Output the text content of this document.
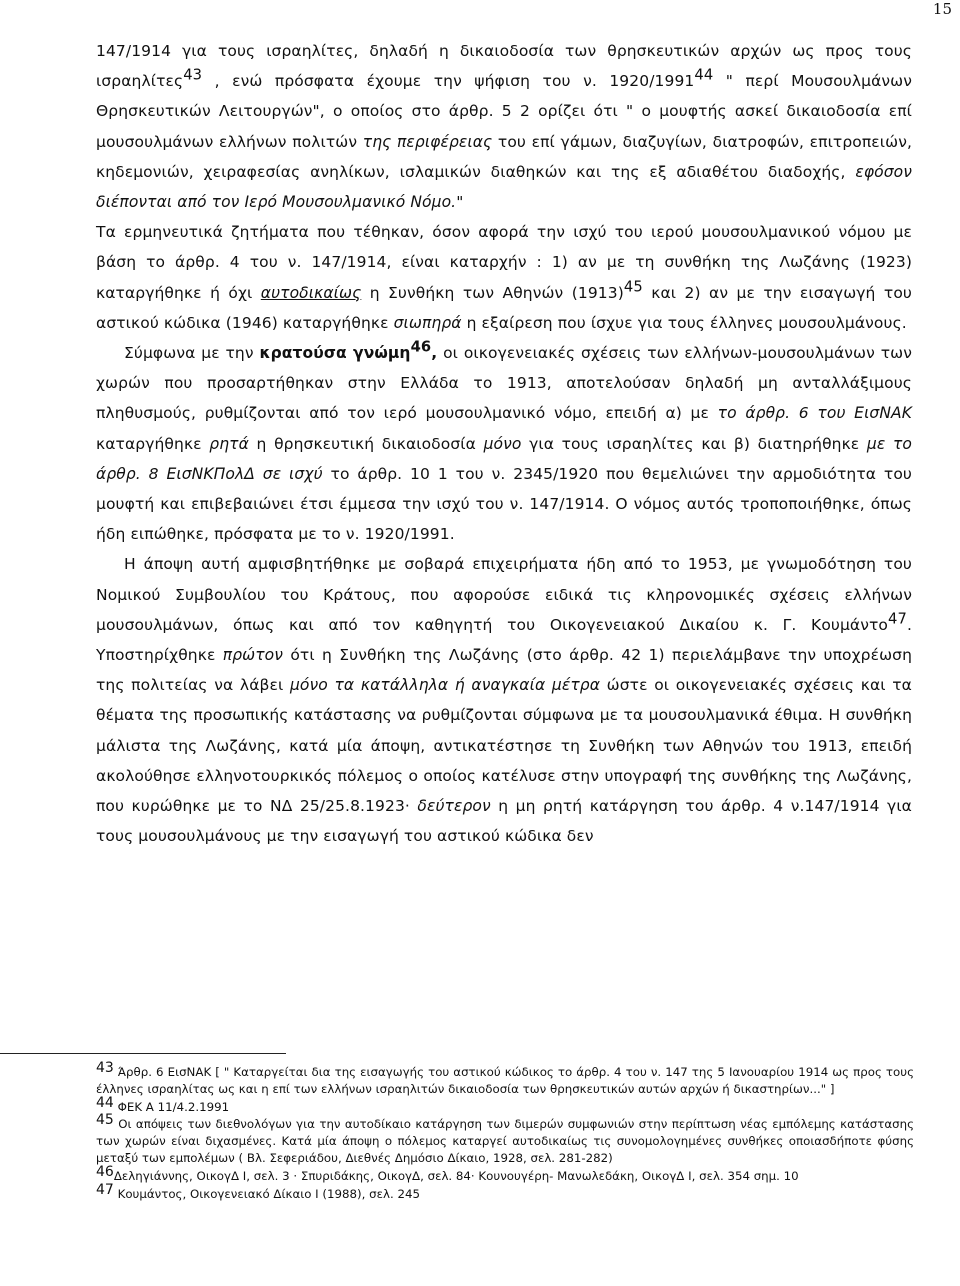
15

147/1914 για τους ισραηλίτες, δηλαδή η δικαιοδοσία των θρησκευτικών αρχών ως προς τους ισραηλίτες$^{43}$ , ενώ πρόσφατα έχουμε την ψήφιση του ν. 1920/1991$^{44}$ " περί Μουσουλμάνων Θρησκευτικών Λειτουργών", ο οποίος στο άρθρ. 5 2 ορίζει ότι " ο μουφτής ασκεί δικαιοδοσία επί μουσουλμάνων ελλήνων πολιτών της περιφέρειας του επί γάμων, διαζυγίων, διατροφών, επιτροπειών, κηδεμονιών, χειραφεσίας ανηλίκων, ισλαμικών διαθηκών και της εξ αδιαθέτου διαδοχής, εφόσον διέπονται από τον Ιερό Μουσουλμανικό Νόμο."

Τα ερμηνευτικά ζητήματα που τέθηκαν, όσον αφορά την ισχύ του ιερού μουσουλμανικού νόμου με βάση το άρθρ. 4 του ν. 147/1914, είναι καταρχήν : 1) αν με τη συνθήκη της Λωζάνης (1923) καταργήθηκε ή όχι αυτοδικαίως η Συνθήκη των Αθηνών (1913)$^{45}$ και 2) αν με την εισαγωγή του αστικού κώδικα (1946) καταργήθηκε σιωπηρά η εξαίρεση που ίσχυε για τους έλληνες μουσουλμάνους.

Σύμφωνα με την κρατούσα γνώμη$^{46}$, οι οικογενειακές σχέσεις των ελλήνων-μουσουλμάνων των χωρών που προσαρτήθηκαν στην Ελλάδα το 1913, αποτελούσαν δηλαδή μη ανταλλάξιμους πληθυσμούς, ρυθμίζονται από τον ιερό μουσουλμανικό νόμο, επειδή α) με το άρθρ. 6 του ΕισΝΑΚ καταργήθηκε ρητά η θρησκευτική δικαιοδοσία μόνο για τους ισραηλίτες και β) διατηρήθηκε με το άρθρ. 8 ΕισΝΚΠολΔ σε ισχύ το άρθρ. 10 1 του ν. 2345/1920 που θεμελιώνει την αρμοδιότητα του μουφτή και επιβεβαιώνει έτσι έμμεσα την ισχύ του ν. 147/1914. Ο νόμος αυτός τροποποιήθηκε, όπως ήδη ειπώθηκε, πρόσφατα με το ν. 1920/1991.

Η άποψη αυτή αμφισβητήθηκε με σοβαρά επιχειρήματα ήδη από το 1953, με γνωμοδότηση του Νομικού Συμβουλίου του Κράτους, που αφορούσε ειδικά τις κληρονομικές σχέσεις ελλήνων μουσουλμάνων, όπως και από τον καθηγητή του Οικογενειακού Δικαίου κ. Γ. Κουμάντο$^{47}$. Υποστηρίχθηκε πρώτον ότι η Συνθήκη της Λωζάνης (στο άρθρ. 42 1) περιελάμβανε την υποχρέωση της πολιτείας να λάβει μόνο τα κατάλληλα ή αναγκαία μέτρα ώστε οι οικογενειακές σχέσεις και τα θέματα της προσωπικής κατάστασης να ρυθμίζονται σύμφωνα με τα μουσουλμανικά έθιμα. Η συνθήκη μάλιστα της Λωζάνης, κατά μία άποψη, αντικατέστησε τη Συνθήκη των Αθηνών του 1913, επειδή ακολούθησε ελληνοτουρκικός πόλεμος ο οποίος κατέλυσε στην υπογραφή της συνθήκης της Λωζάνης, που κυρώθηκε με το ΝΔ 25/25.8.1923· δεύτερον η μη ρητή κατάργηση του άρθρ. 4 ν.147/1914 για τους μουσουλμάνους με την εισαγωγή του αστικού κώδικα δεν

$^{43}$ Άρθρ. 6 ΕισΝΑΚ [ " Καταργείται δια της εισαγωγής του αστικού κώδικος το άρθρ. 4 του ν. 147 της 5 Ιανουαρίου 1914 ως προς τους έλληνες ισραηλίτας ως και η επί των ελλήνων ισραηλιτών δικαιοδοσία των θρησκευτικών αυτών αρχών ή δικαστηρίων..." ]

$^{44}$ ΦΕΚ Α 11/4.2.1991

$^{45}$ Οι απόψεις των διεθνολόγων για την αυτοδίκαιο κατάργηση των διμερών συμφωνιών στην περίπτωση νέας εμπόλεμης κατάστασης των χωρών είναι διχασμένες. Κατά μία άποψη ο πόλεμος καταργεί αυτοδικαίως τις συνομολογημένες συνθήκες οποιασδήποτε φύσης μεταξύ των εμπολέμων ( Βλ. Σεφεριάδου, Διεθνές Δημόσιο Δίκαιο, 1928, σελ. 281-282)

$^{46}$Δεληγιάννης, ΟικογΔ Ι, σελ. 3 · Σπυριδάκης, ΟικογΔ, σελ. 84· Κουνουγέρη- Μανωλεδάκη, ΟικογΔ Ι, σελ. 354 σημ. 10

$^{47}$ Κουμάντος, Οικογενειακό Δίκαιο Ι (1988), σελ. 245
